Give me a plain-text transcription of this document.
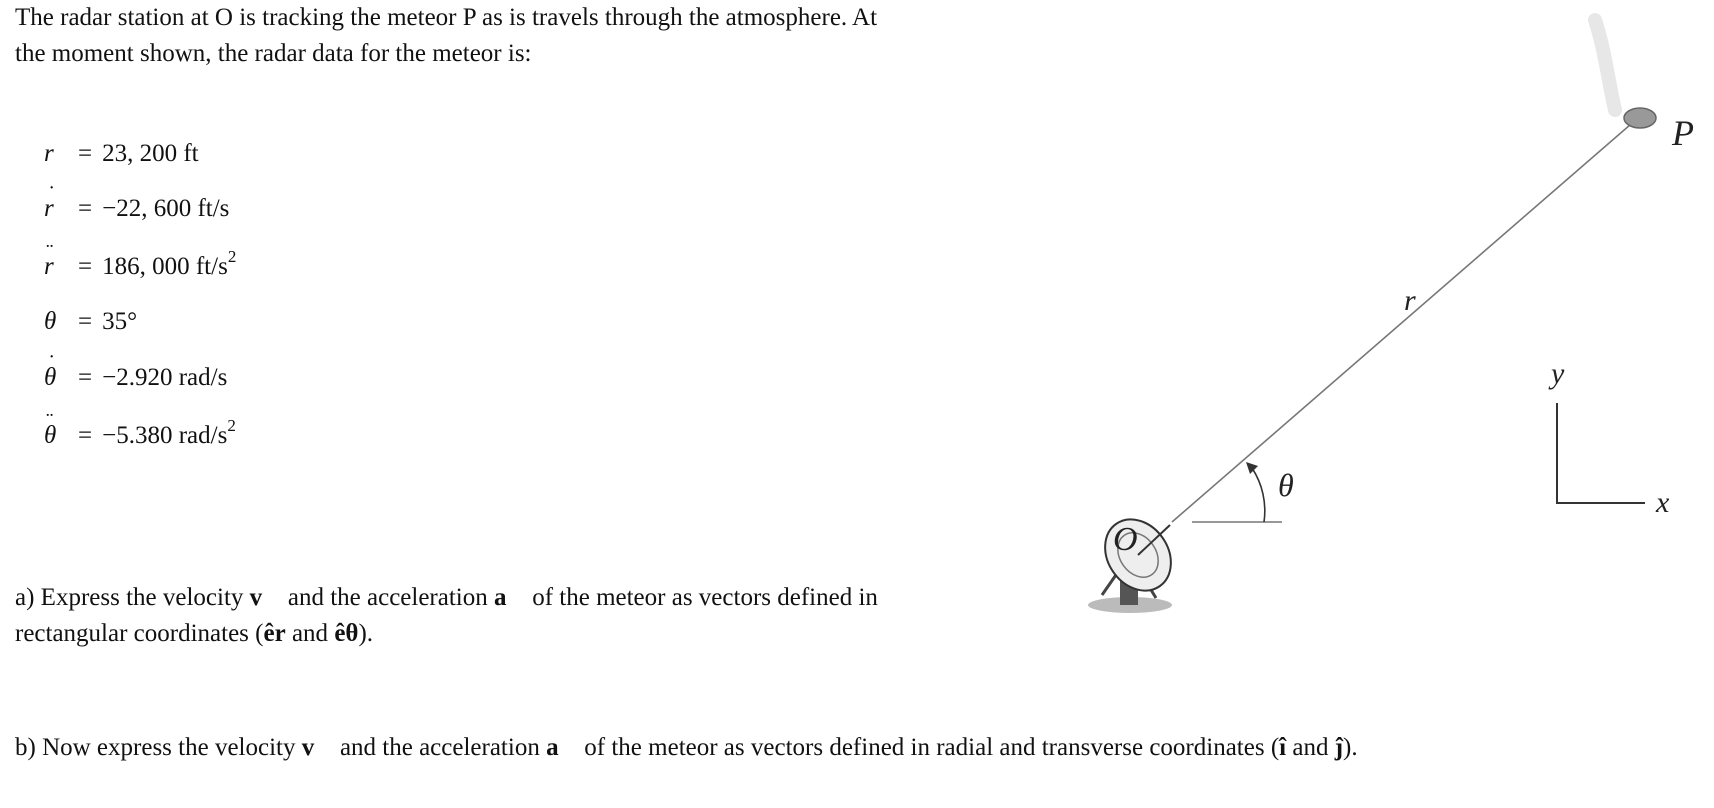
The radar station at O is tracking the meteor P as is travels through the atmosphere. At
the moment shown, the radar data for the meteor is:
r = 23, 200 ft
˙ r = −22, 600 ft/s
¨ r = 186, 000 $ft/s^2$
θ = 35°
˙ θ = −2.920 rad/s
¨ θ = −5.380 rad/$s^2$
a) Express the velocity v⃗ and the acceleration a⃗ of the meteor as vectors defined in
rectangular coordinates (êr and êθ).
b) Now express the velocity v⃗ and the acceleration a⃗ of the meteor as vectors defined in radial and transverse coordinates (î and ĵ).
O
P
r
θ
y
x
